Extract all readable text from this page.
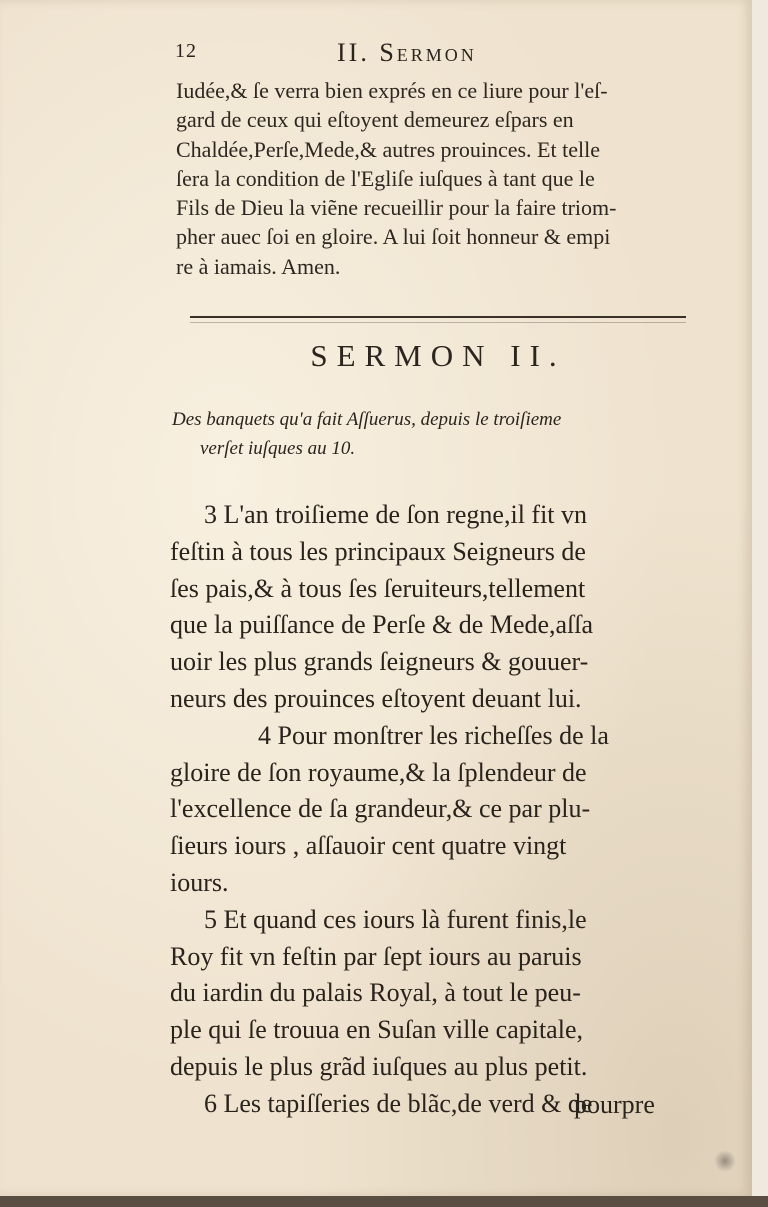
12	II. Sermon
Iudée,& ſe verra bien exprés en ce liure pour l'eſ-
gard de ceux qui eſtoyent demeurez eſpars en
Chaldée,Perſe,Mede,& autres prouinces. Et telle
ſera la condition de l'Egliſe iuſques à tant que le
Fils de Dieu la viẽne recueillir pour la faire triom-
pher auec ſoi en gloire. A lui ſoit honneur & empi
re à iamais. Amen.
SERMON II.
Des banquets qu'a fait Aſſuerus, depuis le troiſieme
verſet iuſques au 10.
3 L'an troiſieme de ſon regne,il fit vn
feſtin à tous les principaux Seigneurs de
ſes pais,& à tous ſes ſeruiteurs,tellement
que la puiſſance de Perſe & de Mede,aſſa
uoir les plus grands ſeigneurs & gouuer-
neurs des prouinces eſtoyent deuant lui.
4 Pour monſtrer les richeſſes de la
gloire de ſon royaume,& la ſplendeur de
l'excellence de ſa grandeur,& ce par plu-
ſieurs iours , aſſauoir cent quatre vingt
iours.
5 Et quand ces iours là furent finis,le
Roy fit vn feſtin par ſept iours au paruis
du iardin du palais Royal, à tout le peu-
ple qui ſe trouua en Suſan ville capitale,
depuis le plus grãd iuſques au plus petit.
6 Les tapiſſeries de blãc,de verd & de
pourpre
